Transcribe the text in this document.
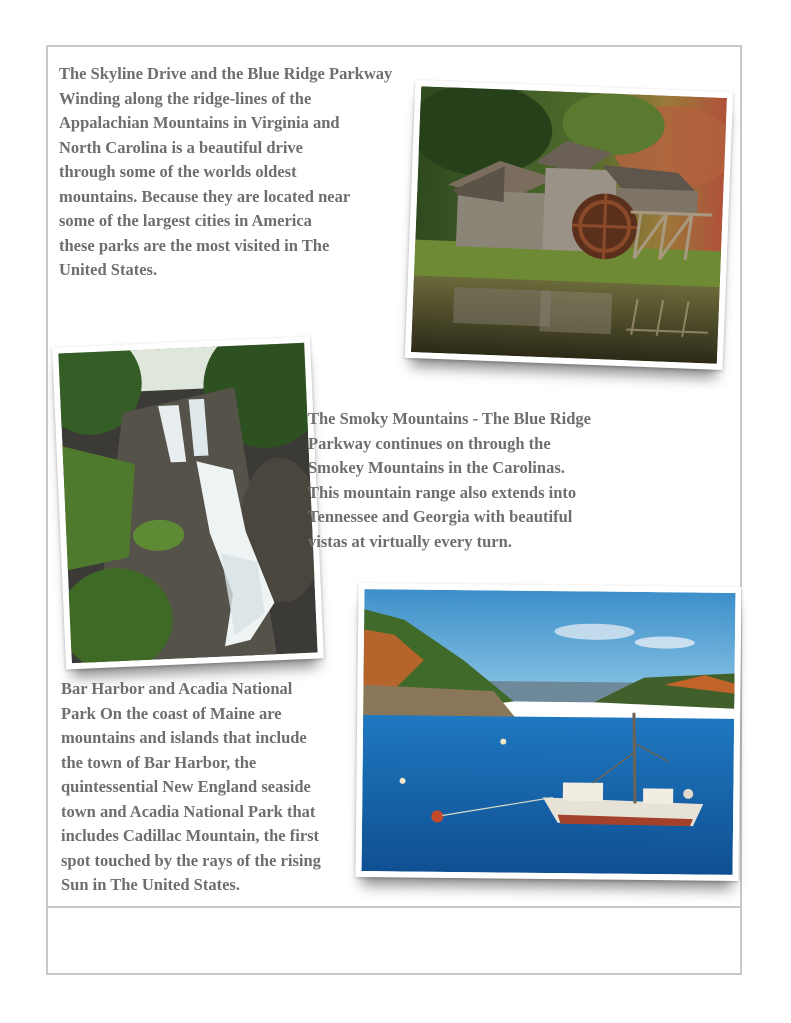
The Skyline Drive and the Blue Ridge Parkway
Winding along the ridge-lines of the
Appalachian Mountains in Virginia and
North Carolina is a beautiful drive
through some of the worlds oldest
mountains. Because they are located near
some of the largest cities in America
these parks are the most visited in The
United States.
The Smoky Mountains - The Blue Ridge
Parkway continues on through the
Smokey Mountains in the Carolinas.
This mountain range also extends into
Tennessee and Georgia with beautiful
vistas at virtually every turn.
Bar Harbor and Acadia National
Park On the coast of Maine are
mountains and islands that include
the town of Bar Harbor, the
quintessential New England seaside
town and Acadia National Park that
includes Cadillac Mountain, the first
spot touched by the rays of the rising
Sun in The United States.
